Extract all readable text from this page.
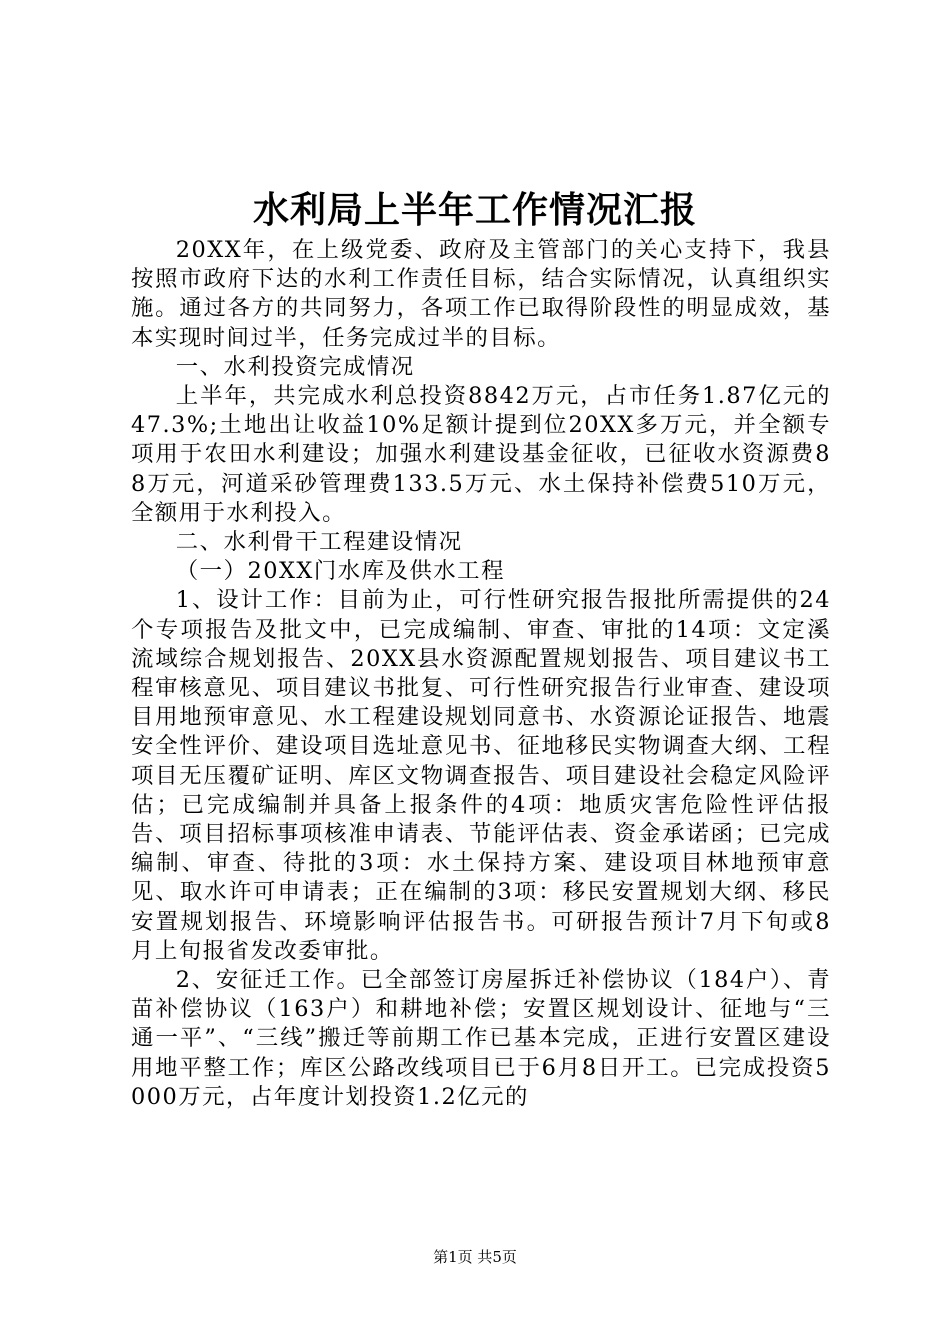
水利局上半年工作情况汇报

20XX年，在上级党委、政府及主管部门的关心支持下，我县按照市政府下达的水利工作责任目标，结合实际情况，认真组织实施。通过各方的共同努力，各项工作已取得阶段性的明显成效，基本实现时间过半，任务完成过半的目标。

一、水利投资完成情况

上半年，共完成水利总投资8842万元，占市任务1.87亿元的47.3%;土地出让收益10%足额计提到位20XX多万元，并全额专项用于农田水利建设；加强水利建设基金征收，已征收水资源费88万元，河道采砂管理费133.5万元、水土保持补偿费510万元，全额用于水利投入。

二、水利骨干工程建设情况

（一）20XX门水库及供水工程

1、设计工作：目前为止，可行性研究报告报批所需提供的24个专项报告及批文中，已完成编制、审查、审批的14项：文定溪流域综合规划报告、20XX县水资源配置规划报告、项目建议书工程审核意见、项目建议书批复、可行性研究报告行业审查、建设项目用地预审意见、水工程建设规划同意书、水资源论证报告、地震安全性评价、建设项目选址意见书、征地移民实物调查大纲、工程项目无压覆矿证明、库区文物调查报告、项目建设社会稳定风险评估；已完成编制并具备上报条件的4项：地质灾害危险性评估报告、项目招标事项核准申请表、节能评估表、资金承诺函；已完成编制、审查、待批的3项：水土保持方案、建设项目林地预审意见、取水许可申请表；正在编制的3项：移民安置规划大纲、移民安置规划报告、环境影响评估报告书。可研报告预计7月下旬或8月上旬报省发改委审批。

2、安征迁工作。已全部签订房屋拆迁补偿协议（184户）、青苗补偿协议（163户）和耕地补偿；安置区规划设计、征地与“三通一平”、“三线”搬迁等前期工作已基本完成，正进行安置区建设用地平整工作；库区公路改线项目已于6月8日开工。已完成投资5000万元，占年度计划投资1.2亿元的

第1页 共5页
